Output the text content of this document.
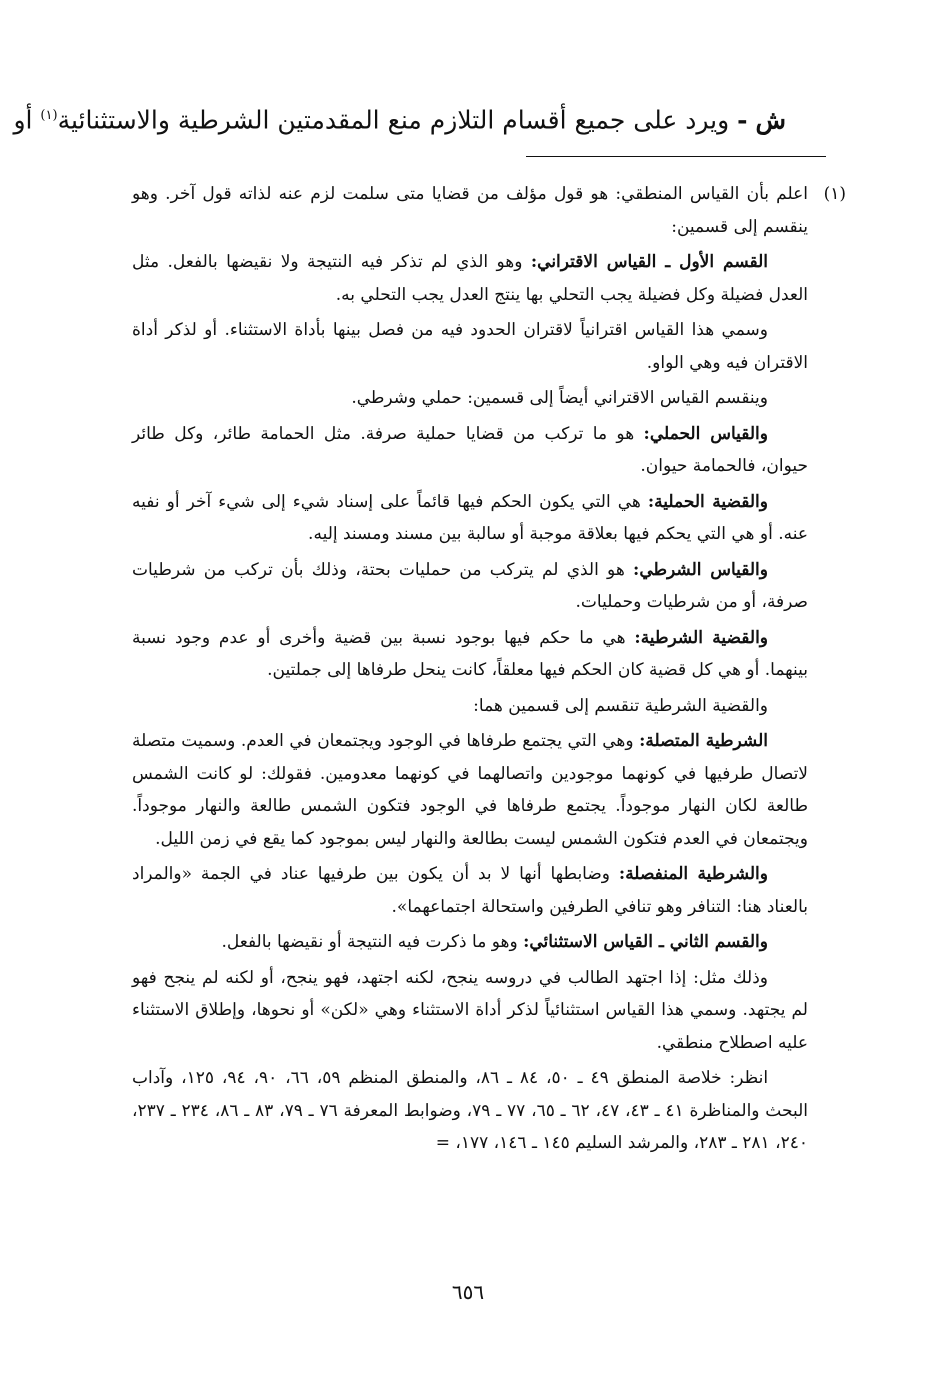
ش - ويرد على جميع أقسام التلازم منع المقدمتين الشرطية والاستثنائية$^{(١)}$ أو
(١)

اعلم بأن القياس المنطقي: هو قول مؤلف من قضايا متى سلمت لزم عنه لذاته قول آخر. وهو ينقسم إلى قسمين:

القسم الأول ـ القياس الاقتراني: وهو الذي لم تذكر فيه النتيجة ولا نقيضها بالفعل. مثل العدل فضيلة وكل فضيلة يجب التحلي بها ينتج العدل يجب التحلي به.

وسمي هذا القياس اقترانياً لاقتران الحدود فيه من فصل بينها بأداة الاستثناء. أو لذكر أداة الاقتران فيه وهي الواو.

وينقسم القياس الاقتراني أيضاً إلى قسمين: حملي وشرطي.

والقياس الحملي: هو ما تركب من قضايا حملية صرفة. مثل الحمامة طائر، وكل طائر حيوان، فالحمامة حيوان.

والقضية الحملية: هي التي يكون الحكم فيها قائماً على إسناد شيء إلى شيء آخر أو نفيه عنه. أو هي التي يحكم فيها بعلاقة موجبة أو سالبة بين مسند ومسند إليه.

والقياس الشرطي: هو الذي لم يتركب من حمليات بحتة، وذلك بأن تركب من شرطيات صرفة، أو من شرطيات وحمليات.

والقضية الشرطية: هي ما حكم فيها بوجود نسبة بين قضية وأخرى أو عدم وجود نسبة بينهما. أو هي كل قضية كان الحكم فيها معلقاً، كانت ينحل طرفاها إلى جملتين.

والقضية الشرطية تنقسم إلى قسمين هما:

الشرطية المتصلة: وهي التي يجتمع طرفاها في الوجود ويجتمعان في العدم. وسميت متصلة لاتصال طرفيها في كونهما موجودين واتصالهما في كونهما معدومين. فقولك: لو كانت الشمس طالعة لكان النهار موجوداً. يجتمع طرفاها في الوجود فتكون الشمس طالعة والنهار موجوداً. ويجتمعان في العدم فتكون الشمس ليست بطالعة والنهار ليس بموجود كما يقع في زمن الليل.

والشرطية المنفصلة: وضابطها أنها لا بد أن يكون بين طرفيها عناد في الجمة «والمراد بالعناد هنا: التنافر وهو تنافي الطرفين واستحالة اجتماعهما».

والقسم الثاني ـ القياس الاستثنائي: وهو ما ذكرت فيه النتيجة أو نقيضها بالفعل.

وذلك مثل: إذا اجتهد الطالب في دروسه ينجح، لكنه اجتهد، فهو ينجح، أو لكنه لم ينجح فهو لم يجتهد. وسمي هذا القياس استثنائياً لذكر أداة الاستثناء وهي «لكن» أو نحوها، وإطلاق الاستثناء عليه اصطلاح منطقي.

انظر: خلاصة المنطق ٤٩ ـ ٥٠، ٨٤ ـ ٨٦، والمنطق المنظم ٥٩، ٦٦، ٩٠، ٩٤، ١٢٥، وآداب البحث والمناظرة ٤١ ـ ٤٣، ٤٧، ٦٢ ـ ٦٥، ٧٧ ـ ٧٩، وضوابط المعرفة ٧٦ ـ ٧٩، ٨٣ ـ ٨٦، ٢٣٤ ـ ٢٣٧، ٢٤٠، ٢٨١ ـ ٢٨٣، والمرشد السليم ١٤٥ ـ ١٤٦، ١٧٧، =

٦٥٦
